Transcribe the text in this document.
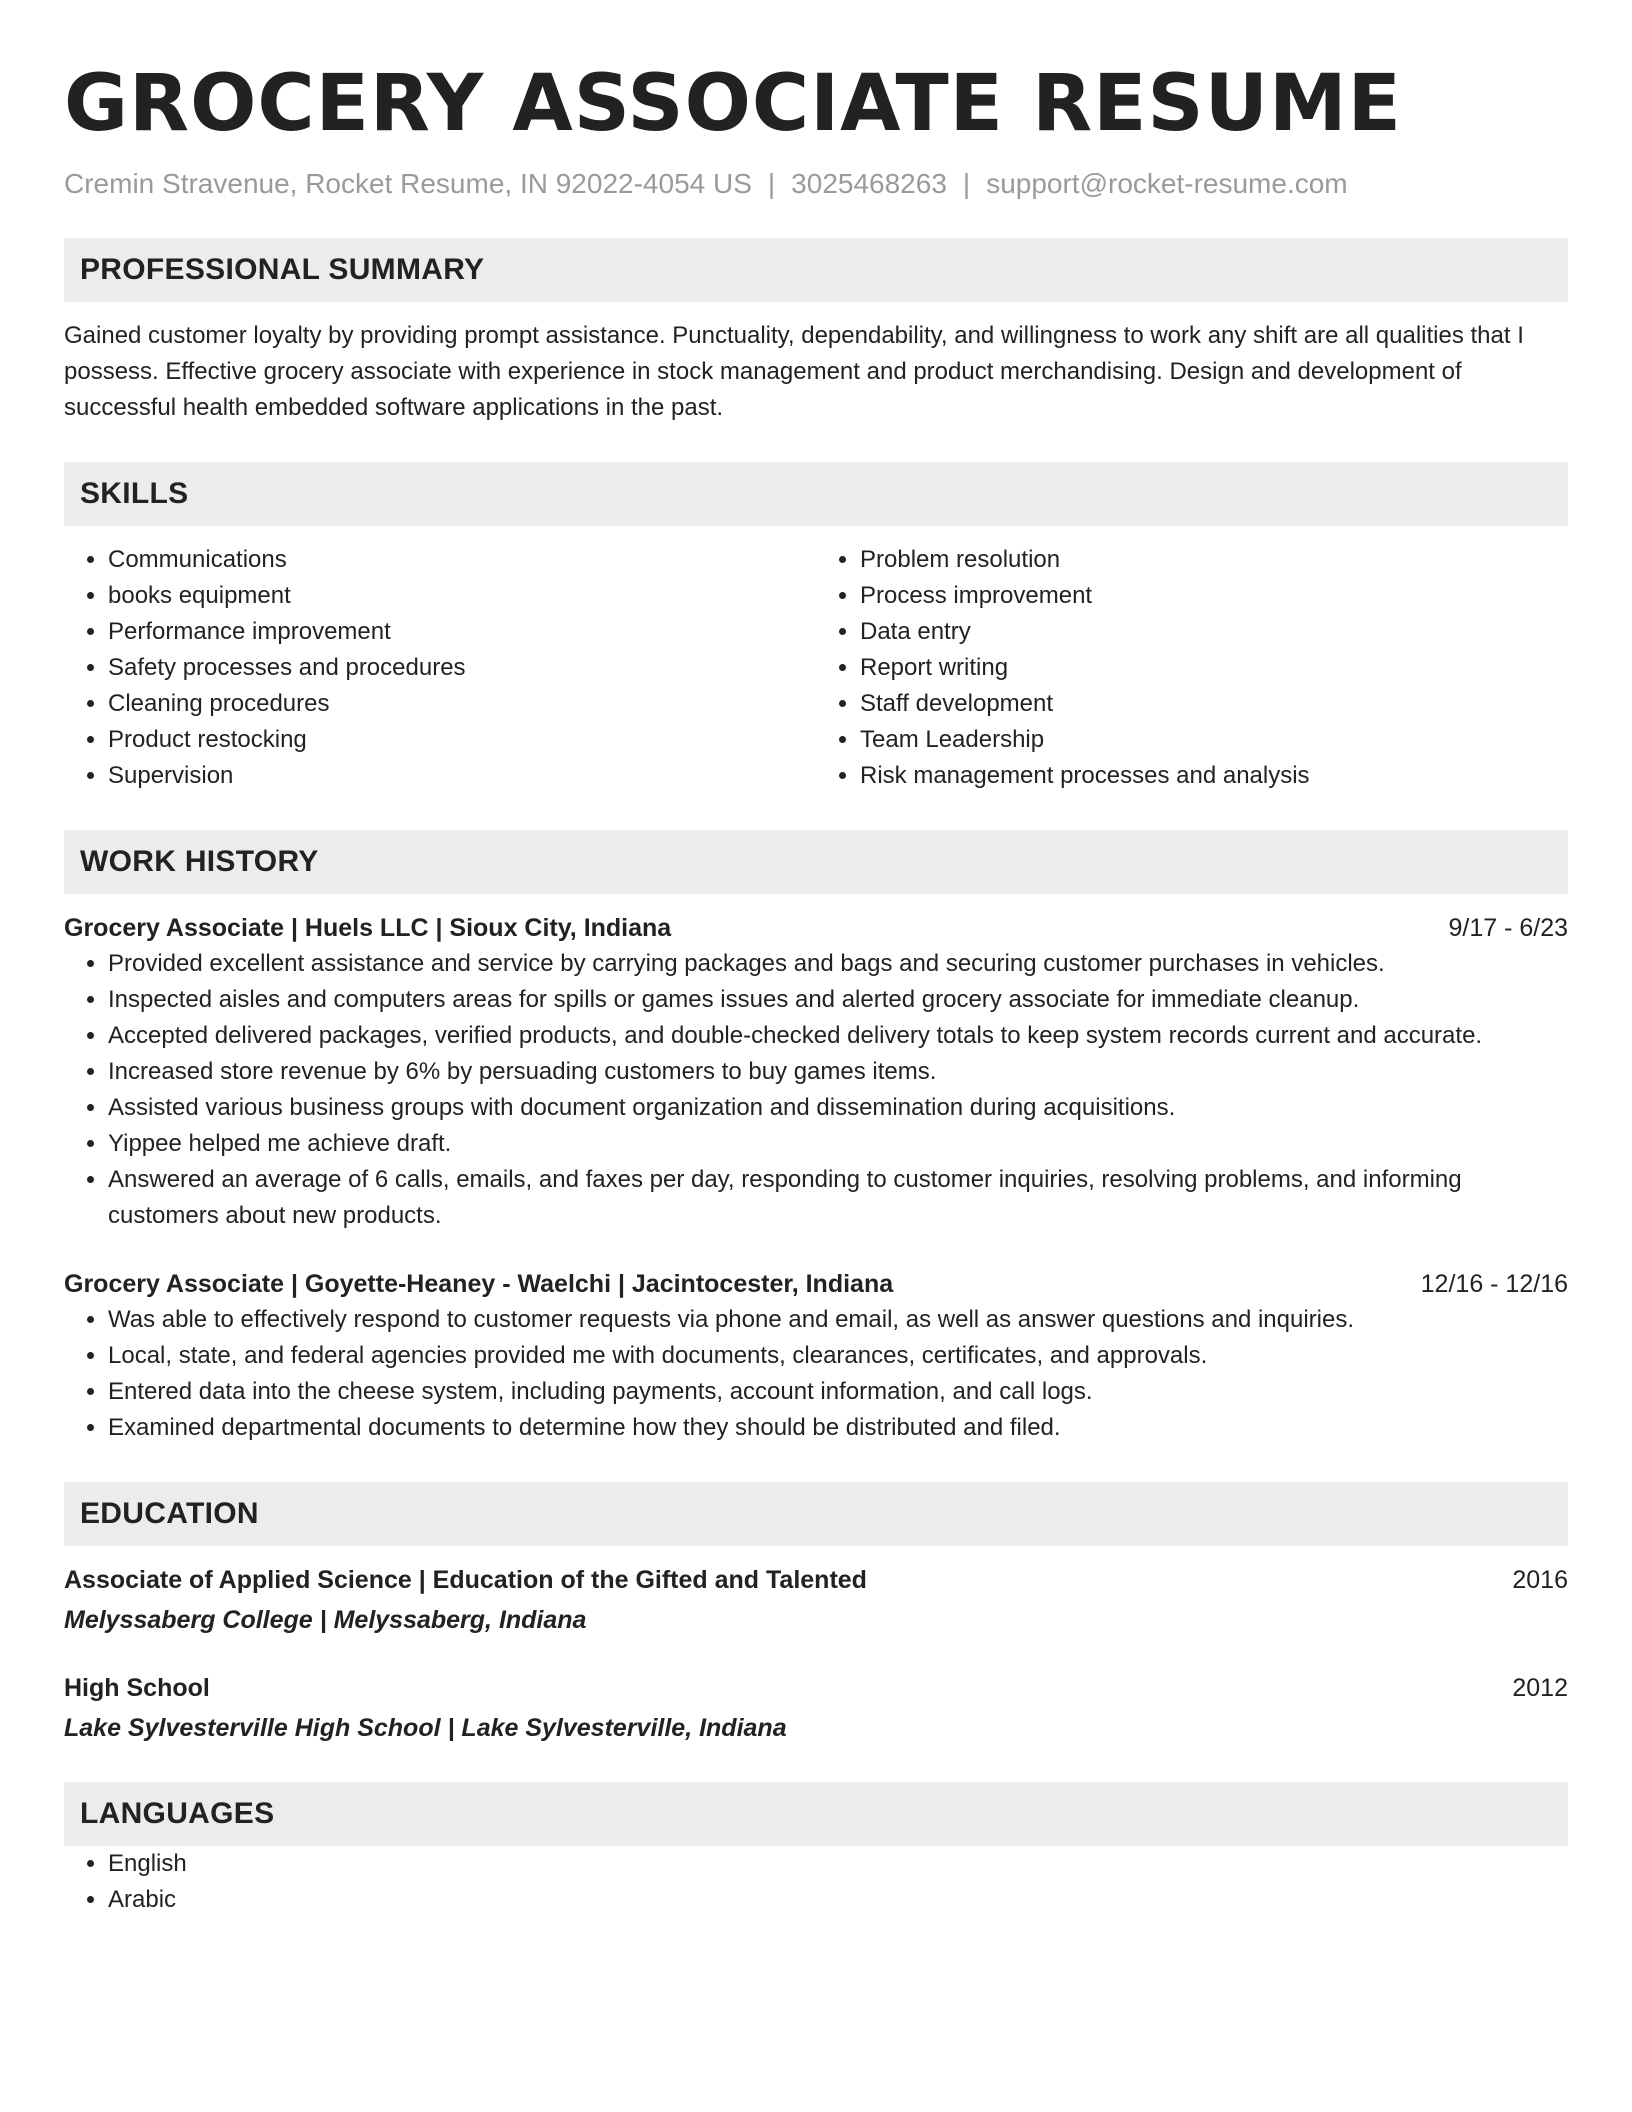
GROCERY ASSOCIATE RESUME
Cremin Stravenue, Rocket Resume, IN 92022-4054 US | 3025468263 | support@rocket-resume.com
PROFESSIONAL SUMMARY
Gained customer loyalty by providing prompt assistance. Punctuality, dependability, and willingness to work any shift are all qualities that I possess. Effective grocery associate with experience in stock management and product merchandising. Design and development of successful health embedded software applications in the past.
SKILLS
• Communications
• books equipment
• Performance improvement
• Safety processes and procedures
• Cleaning procedures
• Product restocking
• Supervision
• Problem resolution
• Process improvement
• Data entry
• Report writing
• Staff development
• Team Leadership
• Risk management processes and analysis
WORK HISTORY
Grocery Associate | Huels LLC | Sioux City, Indiana	9/17 - 6/23
• Provided excellent assistance and service by carrying packages and bags and securing customer purchases in vehicles.
• Inspected aisles and computers areas for spills or games issues and alerted grocery associate for immediate cleanup.
• Accepted delivered packages, verified products, and double-checked delivery totals to keep system records current and accurate.
• Increased store revenue by 6% by persuading customers to buy games items.
• Assisted various business groups with document organization and dissemination during acquisitions.
• Yippee helped me achieve draft.
• Answered an average of 6 calls, emails, and faxes per day, responding to customer inquiries, resolving problems, and informing customers about new products.
Grocery Associate | Goyette-Heaney - Waelchi | Jacintocester, Indiana	12/16 - 12/16
• Was able to effectively respond to customer requests via phone and email, as well as answer questions and inquiries.
• Local, state, and federal agencies provided me with documents, clearances, certificates, and approvals.
• Entered data into the cheese system, including payments, account information, and call logs.
• Examined departmental documents to determine how they should be distributed and filed.
EDUCATION
Associate of Applied Science | Education of the Gifted and Talented	2016
Melyssaberg College | Melyssaberg, Indiana
High School	2012
Lake Sylvesterville High School | Lake Sylvesterville, Indiana
LANGUAGES
• English
• Arabic
